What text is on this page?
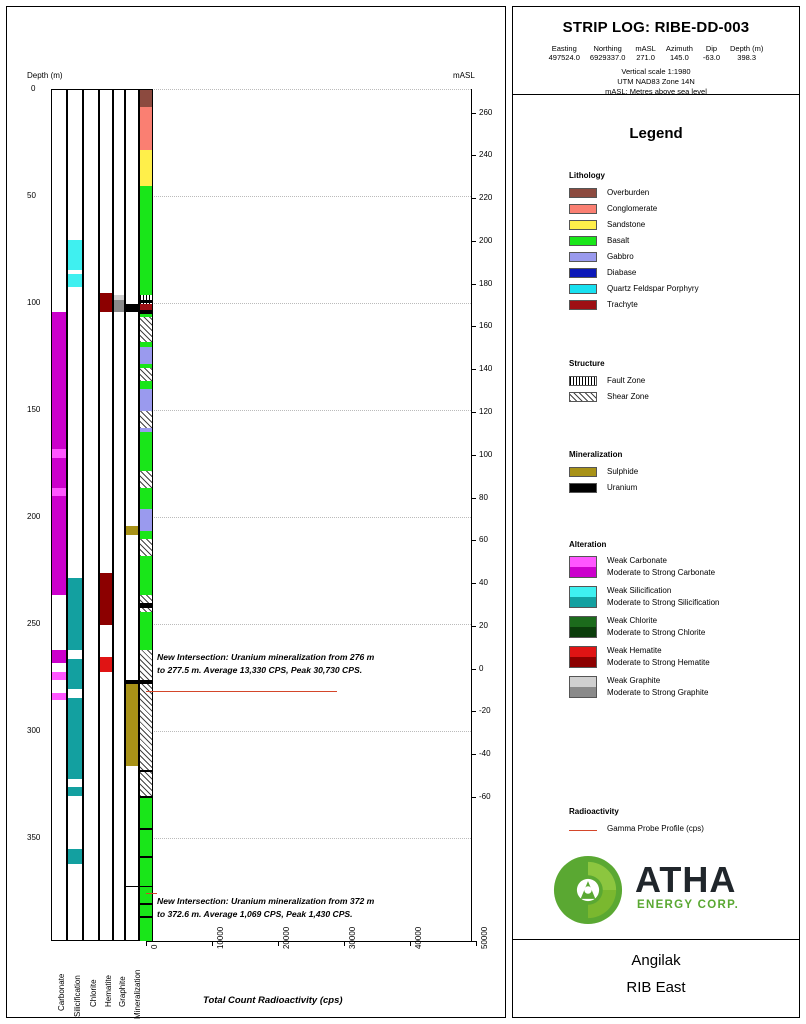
Depth (m)	mASL
0
50
100
150
200
250
300
350
260
240
220
200
180
160
140
120
100
80
60
40
20
0
-20
-40
-60
Carbonate Silicification Chlorite Hematite Graphite Mineralization
0	10000	20000	30000	40000	50000
Total Count Radioactivity (cps)
New Intersection: Uranium mineralization from 276 m
to 277.5 m. Average 13,330 CPS, Peak 30,730 CPS.
New Intersection: Uranium mineralization from 372 m
to 372.6 m. Average 1,069 CPS, Peak 1,430 CPS.
STRIP LOG: RIBE-DD-003
Easting
497524.0
Northing
6929337.0
mASL
271.0
Azimuth
145.0
Dip
-63.0
Depth (m)
398.3
Vertical scale 1:1980
UTM NAD83 Zone 14N
mASL: Metres above sea level
Legend
Lithology
Overburden
Conglomerate
Sandstone
Basalt
Gabbro
Diabase
Quartz Feldspar Porphyry
Trachyte
Structure
Fault Zone
Shear Zone
Mineralization
Sulphide
Uranium
Alteration
Weak Carbonate
Moderate to Strong Carbonate
Weak Silicification
Moderate to Strong Silicification
Weak Chlorite
Moderate to Strong Chlorite
Weak Hematite
Moderate to Strong Hematite
Weak Graphite
Moderate to Strong Graphite
Radioactivity
Gamma Probe Profile (cps)
ATHA
ENERGY CORP.
Angilak
RIB East
